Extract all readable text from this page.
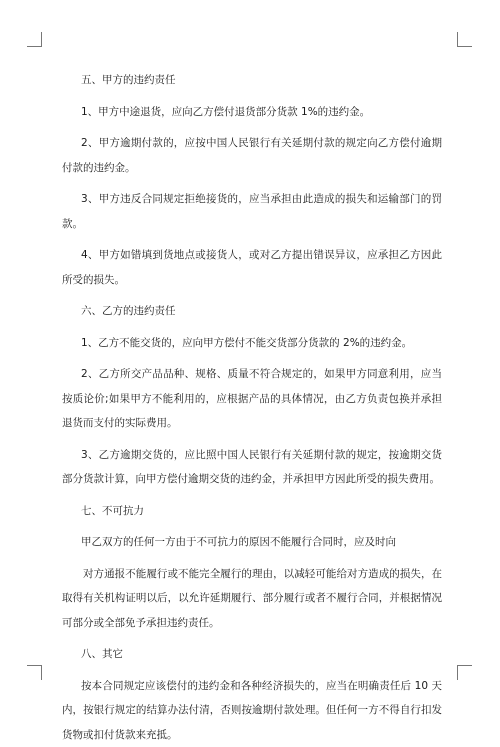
五、甲方的违约责任

1、甲方中途退货，应向乙方偿付退货部分货款 1%的违约金。

2、甲方逾期付款的，应按中国人民银行有关延期付款的规定向乙方偿付逾期付款的违约金。

3、甲方违反合同规定拒绝接货的，应当承担由此造成的损失和运输部门的罚款。

4、甲方如错填到货地点或接货人，或对乙方提出错误异议，应承担乙方因此所受的损失。

六、乙方的违约责任

1、乙方不能交货的，应向甲方偿付不能交货部分货款的 2%的违约金。

2、乙方所交产品品种、规格、质量不符合规定的，如果甲方同意利用，应当按质论价;如果甲方不能利用的，应根据产品的具体情况，由乙方负责包换并承担退货而支付的实际费用。

3、乙方逾期交货的，应比照中国人民银行有关延期付款的规定，按逾期交货部分货款计算，向甲方偿付逾期交货的违约金，并承担甲方因此所受的损失费用。

七、不可抗力

甲乙双方的任何一方由于不可抗力的原因不能履行合同时，应及时向

对方通报不能履行或不能完全履行的理由，以减轻可能给对方造成的损失，在取得有关机构证明以后，以允许延期履行、部分履行或者不履行合同，并根据情况可部分或全部免予承担违约责任。

八、其它

按本合同规定应该偿付的违约金和各种经济损失的，应当在明确责任后 10 天内，按银行规定的结算办法付清，否则按逾期付款处理。但任何一方不得自行扣发货物或扣付货款来充抵。
